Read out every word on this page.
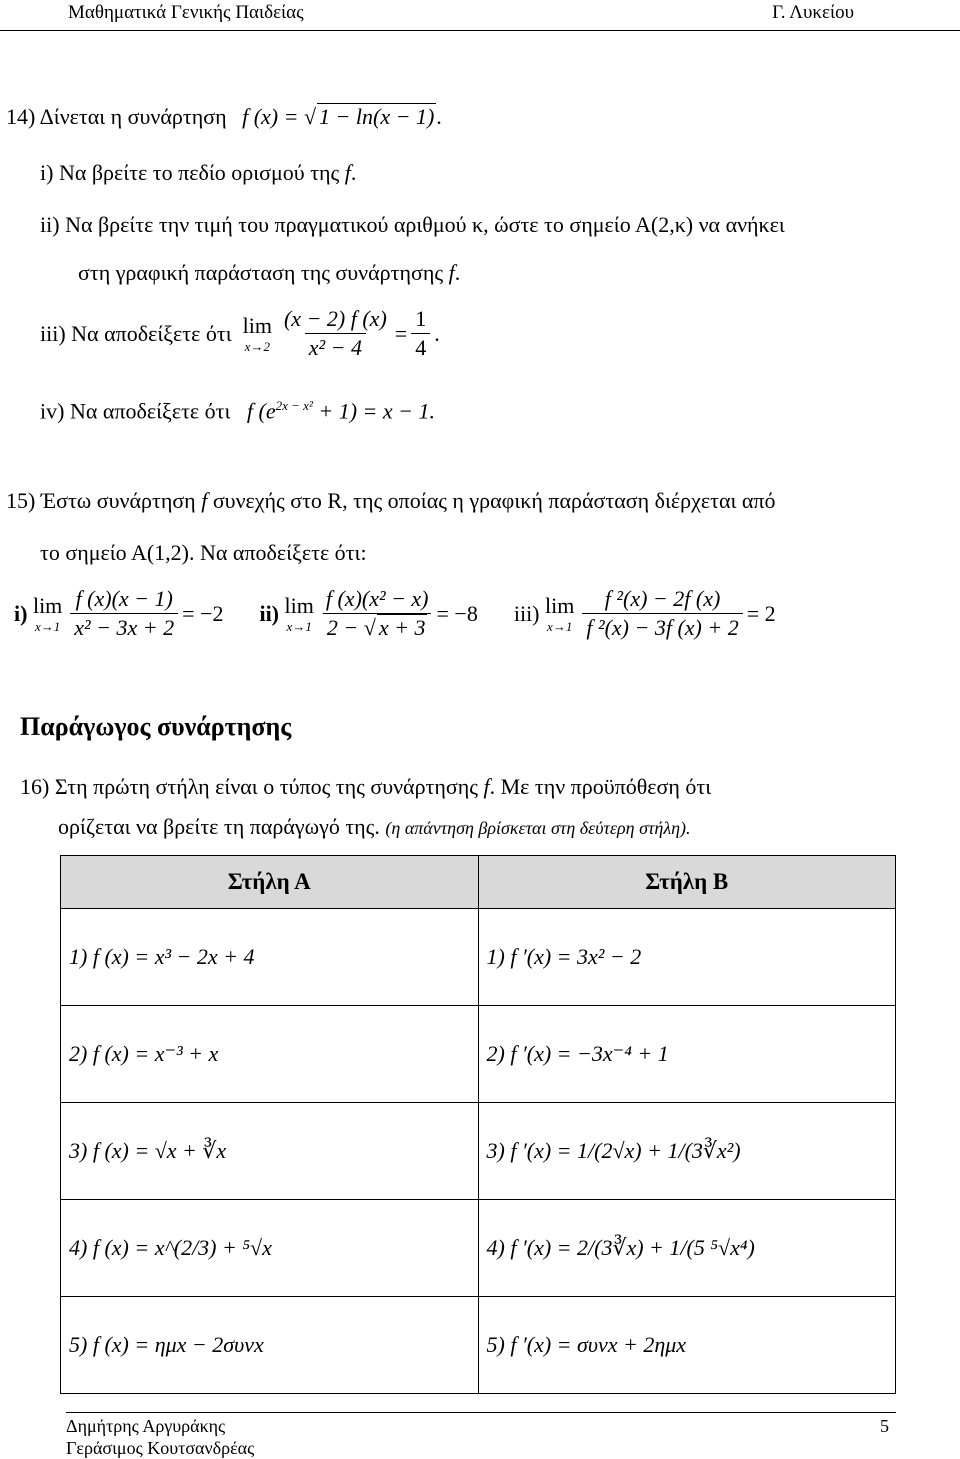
Μαθηματικά Γενικής Παιδείας	Γ. Λυκείου
14) Δίνεται η συνάρτηση f (x) = √ 1 − ln(x − 1).
i) Να βρείτε το πεδίο ορισμού της f.
ii) Να βρείτε την τιμή του πραγματικού αριθμού κ, ώστε το σημείο Α(2,κ) να ανήκει
στη γραφική παράσταση της συνάρτησης f.
iii)
Να αποδείξετε ότι
lim
$x\to 2 \frac{(x - 2) f (x)}{\text{x² − 4}} = \frac{1}{4}$ .
iv) Να αποδείξετε ότι f $(e^{2x - x^2} + 1) = x - 1$.
15) Έστω συνάρτηση f συνεχής στο R, της οποίας η γραφική παράσταση διέρχεται από
το σημείο Α(1,2). Να αποδείξετε ότι:
i)
lim
$x\to 1 \frac{f (x)(x - 1)}{\text{x² − 3x + 2}} = -2$ ii)
lim
$x\to 1 \frac{\text{f (x)(x² − x)}}{2 - √ x + 3} = -8$ iii)
lim
$x\to 1 \frac{\text{f ²(x) − 2f (x)}}{\text{f ²(x) − 3f (x) + 2}} = 2$
Παράγωγος συνάρτησης
16) Στη πρώτη στήλη είναι ο τύπος της συνάρτησης f. Με την προϋπόθεση ότι
ορίζεται να βρείτε τη παράγωγό της. (η απάντηση βρίσκεται στη δεύτερη στήλη).
Στήλη Α	Στήλη Β
1) f (x) = x³ − 2x + 4	1) f ′(x) = 3x² − 2
2) f (x) = x⁻³ + x	2) f ′(x) = −3x⁻⁴ + 1
3) f (x) = √x + ∛x	3) f ′(x) = 1/(2√x) + 1/(3∛x²)
4) f (x) = x^(2/3) + ⁵√x	4) f ′(x) = 2/(3∛x) + 1/(5 ⁵√x⁴)
5) f (x) = ημx − 2συνx	5) f ′(x) = συνx + 2ημx
Δημήτρης Αργυράκης
Γεράσιμος Κουτσανδρέας
5
